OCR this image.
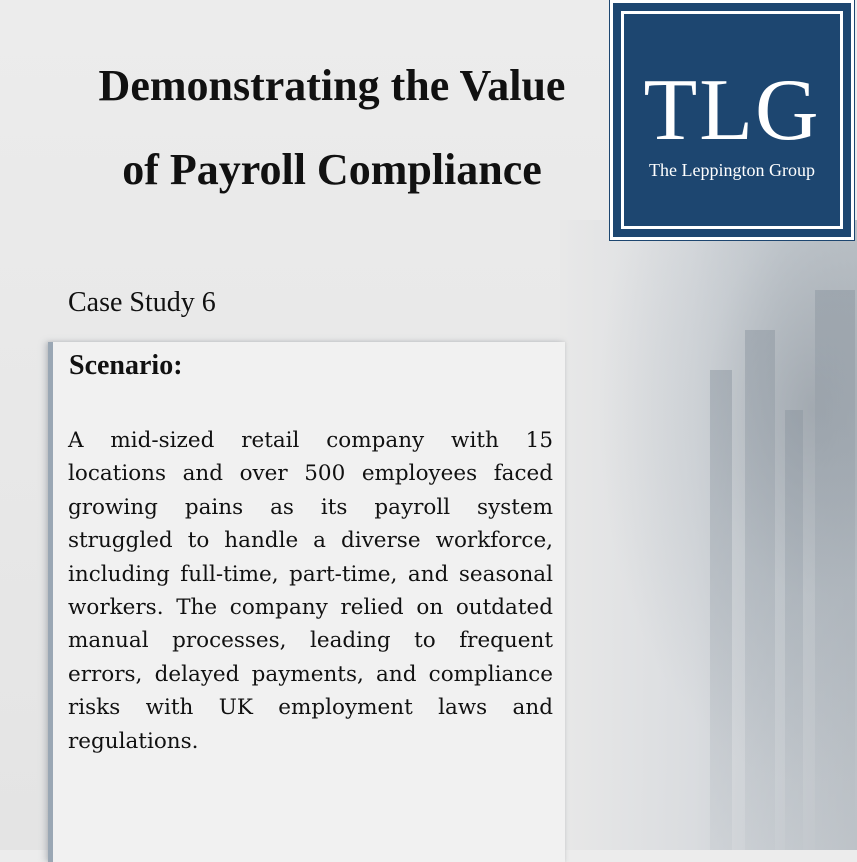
Demonstrating the Value of Payroll Compliance

Case Study 6

TLG
The Leppington Group
Scenario:

A mid-sized retail company with 15 locations and over 500 employees faced growing pains as its payroll system struggled to handle a diverse workforce, including full-time, part-time, and seasonal workers. The company relied on outdated manual processes, leading to frequent errors, delayed payments, and compliance risks with UK employment laws and regulations.
